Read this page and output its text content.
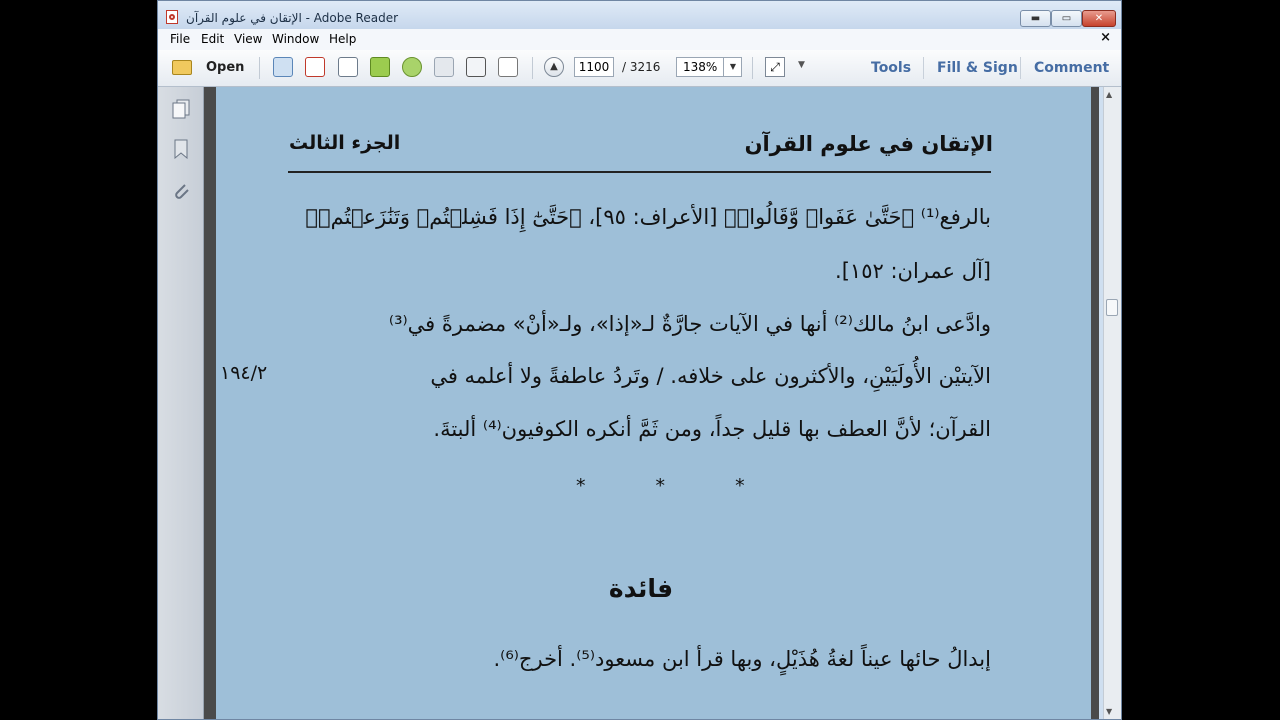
الإتقان في علوم القرآن - Adobe Reader	▬	▭	✕
File Edit View Window Help	×
Open	▲	1100	/ 3216	138%	▼	⤢	▼	Tools Fill & Sign Comment
الإتقان في علوم القرآن
الجزء الثالث
بالرفع⁽¹⁾ ﴿حَتَّىٰ عَفَوا۟ وَّقَالُوا۟﴾ [الأعراف: ٩٥]، ﴿حَتَّىٰٓ إِذَا فَشِلۡتُمۡ وَتَنَٰزَعۡتُمۡ﴾
[آل عمران: ١٥٢].
وادَّعى ابنُ مالك⁽²⁾ أنها في الآيات جارَّةٌ لـ«إذا»، ولـ«أنْ» مضمرةً في⁽³⁾
الآيتيْن الأُولَيَيْنِ، والأكثرون على خلافه. / وتَردُ عاطفةً ولا أعلمه في
القرآن؛ لأنَّ العطف بها قليل جداً، ومن ثَمَّ أنكره الكوفيون⁽⁴⁾ ألبتةَ.
١٩٤/٢
* * *
فائدة
إبدالُ حائها عيناً لغةُ هُذَيْلٍ، وبها قرأ ابن مسعود⁽⁵⁾. أخرج⁽⁶⁾.
▲
▼
